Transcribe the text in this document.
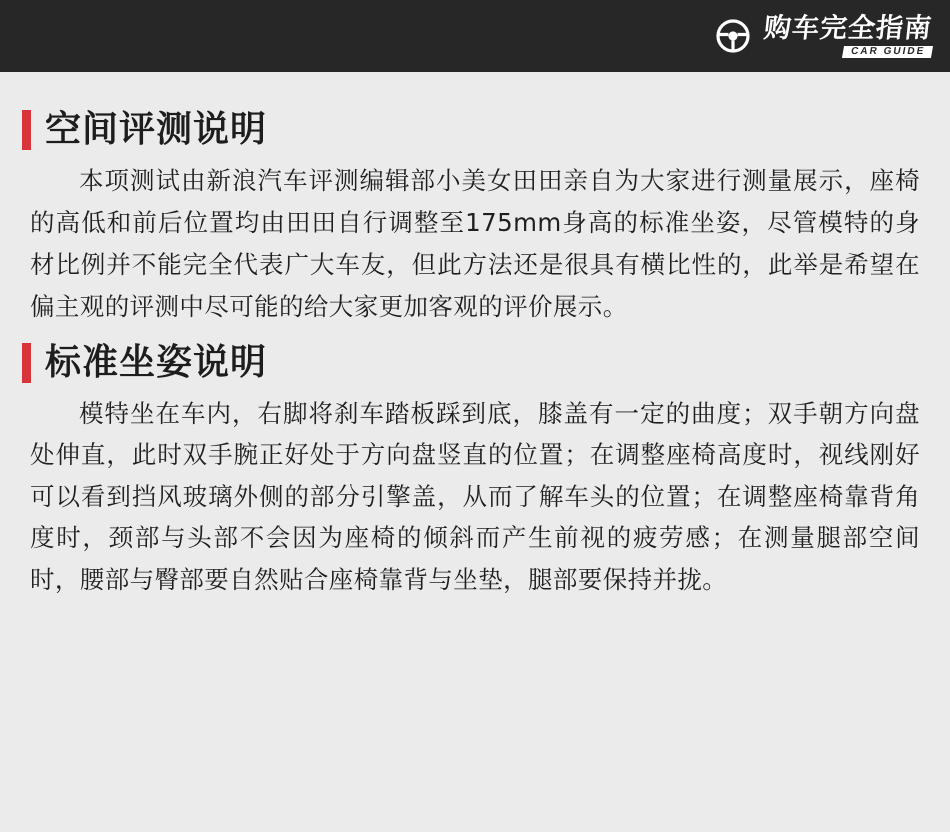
购车完全指南
CAR GUIDE
空间评测说明

本项测试由新浪汽车评测编辑部小美女田田亲自为大家进行测量展示，座椅的高低和前后位置均由田田自行调整至175mm身高的标准坐姿，尽管模特的身材比例并不能完全代表广大车友，但此方法还是很具有横比性的，此举是希望在偏主观的评测中尽可能的给大家更加客观的评价展示。

标准坐姿说明

模特坐在车内，右脚将刹车踏板踩到底，膝盖有一定的曲度；双手朝方向盘处伸直，此时双手腕正好处于方向盘竖直的位置；在调整座椅高度时，视线刚好可以看到挡风玻璃外侧的部分引擎盖，从而了解车头的位置；在调整座椅靠背角度时，颈部与头部不会因为座椅的倾斜而产生前视的疲劳感；在测量腿部空间时，腰部与臀部要自然贴合座椅靠背与坐垫，腿部要保持并拢。
